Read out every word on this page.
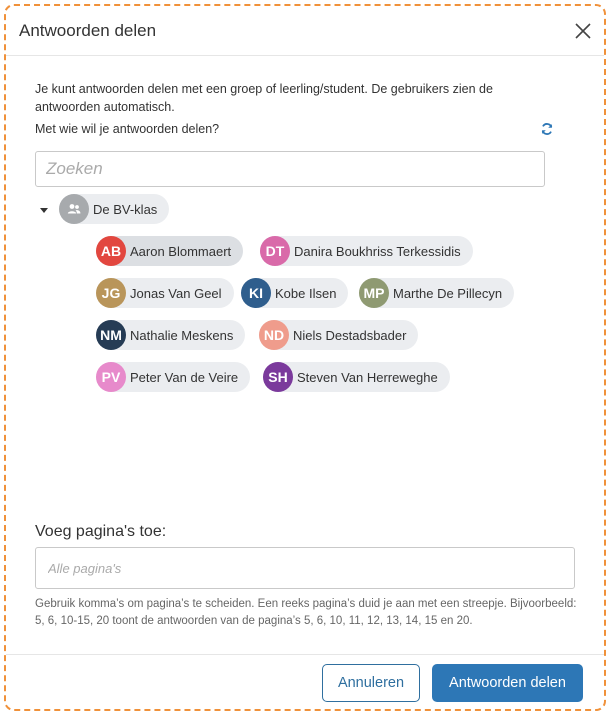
Antwoorden delen
Je kunt antwoorden delen met een groep of leerling/student. De gebruikers zien de antwoorden automatisch.
Met wie wil je antwoorden delen?
Zoeken
De BV-klas
AB Aaron Blommaert	DT Danira Boukhriss Terkessidis
JG Jonas Van Geel	KI Kobe Ilsen	MP Marthe De Pillecyn
NM Nathalie Meskens	ND Niels Destadsbader
PV Peter Van de Veire	SH Steven Van Herreweghe
Voeg pagina's toe:
Alle pagina's
Gebruik komma’s om pagina’s te scheiden. Een reeks pagina’s duid je aan met een streepje. Bijvoorbeeld: 5, 6, 10-15, 20 toont de antwoorden van de pagina’s 5, 6, 10, 11, 12, 13, 14, 15 en 20.
Annuleren	Antwoorden delen
